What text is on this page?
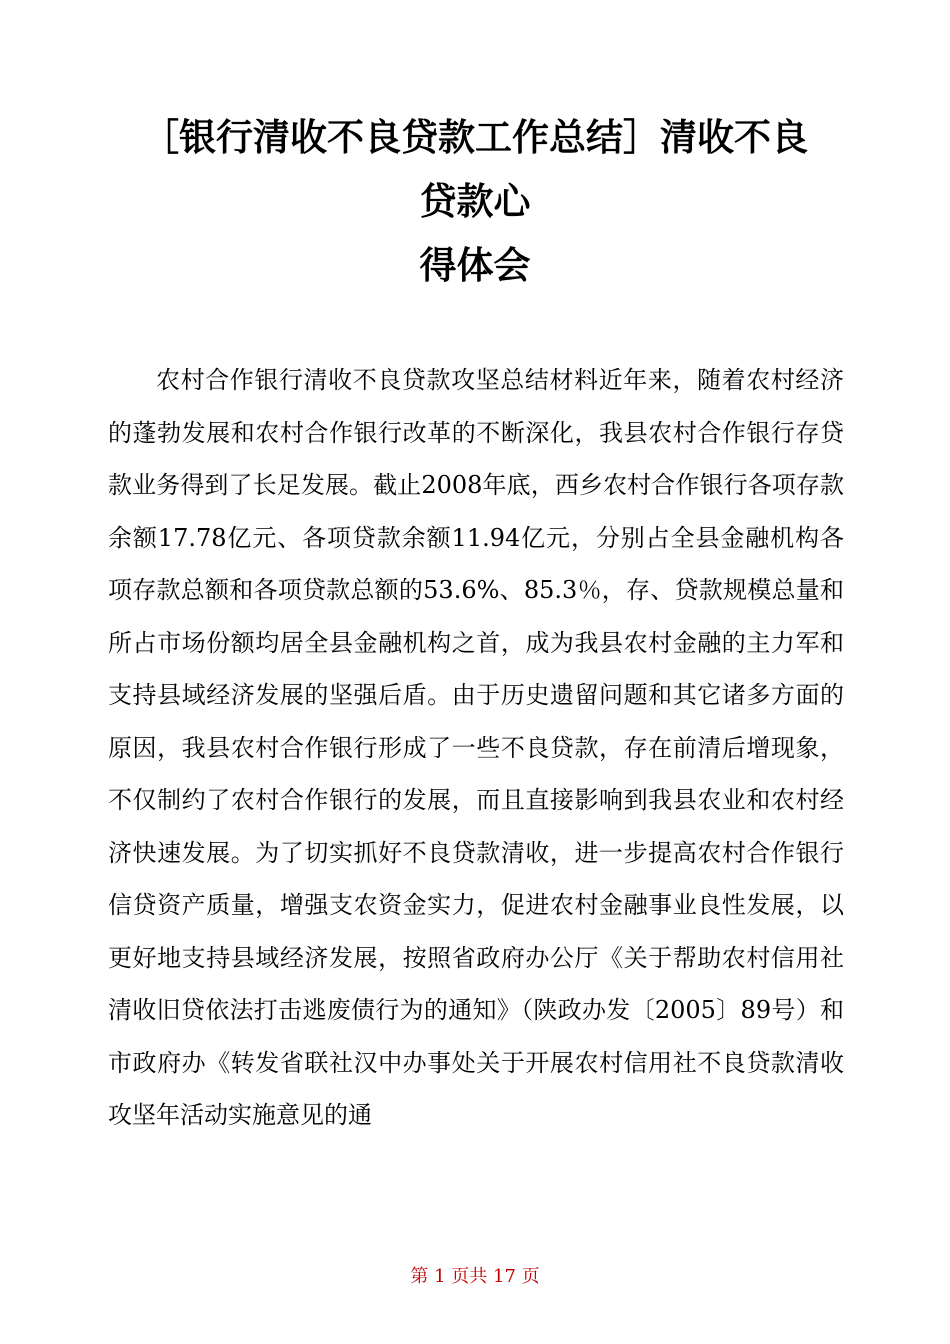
［银行清收不良贷款工作总结］清收不良
贷款心
得体会

农村合作银行清收不良贷款攻坚总结材料近年来，随着农村经济的蓬勃发展和农村合作银行改革的不断深化，我县农村合作银行存贷款业务得到了长足发展。截止2008年底，西乡农村合作银行各项存款余额17.78亿元、各项贷款余额11.94亿元，分别占全县金融机构各项存款总额和各项贷款总额的53.6%、85.3％，存、贷款规模总量和所占市场份额均居全县金融机构之首，成为我县农村金融的主力军和支持县域经济发展的坚强后盾。由于历史遗留问题和其它诸多方面的原因，我县农村合作银行形成了一些不良贷款，存在前清后增现象，不仅制约了农村合作银行的发展，而且直接影响到我县农业和农村经济快速发展。为了切实抓好不良贷款清收，进一步提高农村合作银行信贷资产质量，增强支农资金实力，促进农村金融事业良性发展，以更好地支持县域经济发展，按照省政府办公厅《关于帮助农村信用社清收旧贷依法打击逃废债行为的通知》（陕政办发〔2005〕89号）和市政府办《转发省联社汉中办事处关于开展农村信用社不良贷款清收攻坚年活动实施意见的通

第 1 页共 17 页
